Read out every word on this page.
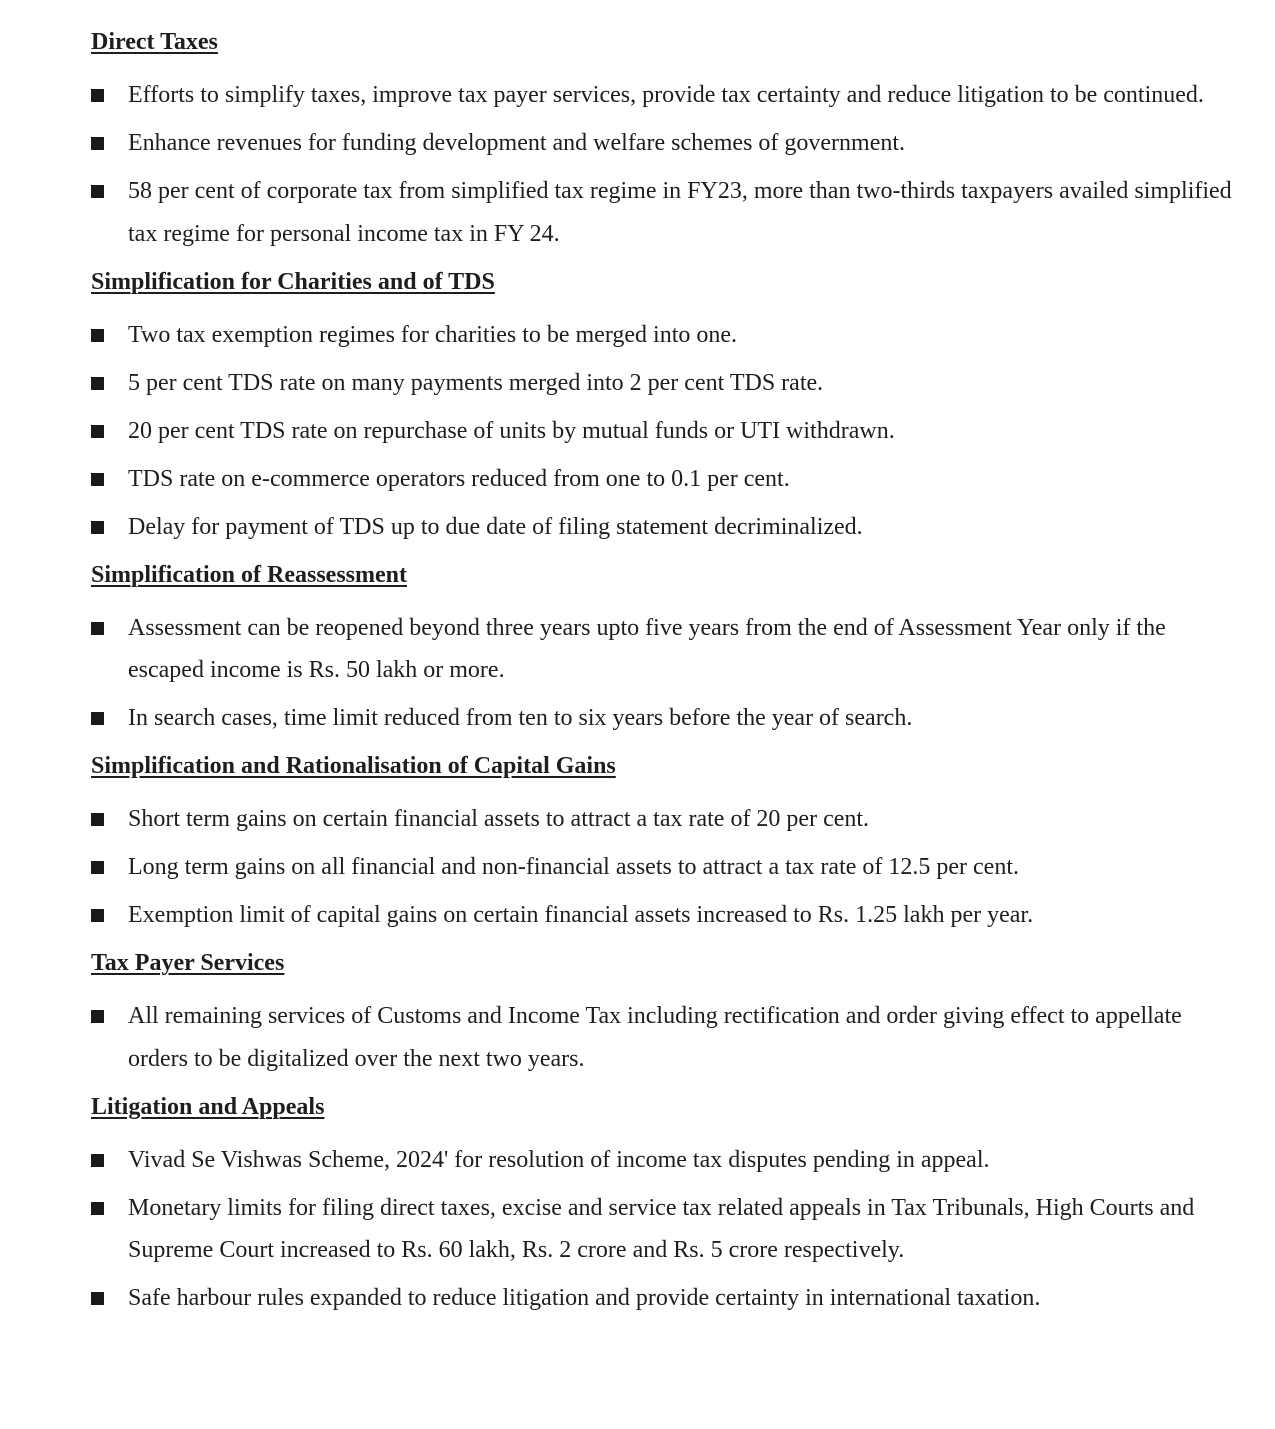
Direct Taxes
Efforts to simplify taxes, improve tax payer services, provide tax certainty and reduce litigation to be continued.
Enhance revenues for funding development and welfare schemes of government.
58 per cent of corporate tax from simplified tax regime in FY23, more than two-thirds taxpayers availed simplified tax regime for personal income tax in FY 24.
Simplification for Charities and of TDS
Two tax exemption regimes for charities to be merged into one.
5 per cent TDS rate on many payments merged into 2 per cent TDS rate.
20 per cent TDS rate on repurchase of units by mutual funds or UTI withdrawn.
TDS rate on e-commerce operators reduced from one to 0.1 per cent.
Delay for payment of TDS up to due date of filing statement decriminalized.
Simplification of Reassessment
Assessment can be reopened beyond three years upto five years from the end of Assessment Year only if the escaped income is Rs. 50 lakh or more.
In search cases, time limit reduced from ten to six years before the year of search.
Simplification and Rationalisation of Capital Gains
Short term gains on certain financial assets to attract a tax rate of 20 per cent.
Long term gains on all financial and non-financial assets to attract a tax rate of 12.5 per cent.
Exemption limit of capital gains on certain financial assets increased to Rs. 1.25 lakh per year.
Tax Payer Services
All remaining services of Customs and Income Tax including rectification and order giving effect to appellate orders to be digitalized over the next two years.
Litigation and Appeals
Vivad Se Vishwas Scheme, 2024' for resolution of income tax disputes pending in appeal.
Monetary limits for filing direct taxes, excise and service tax related appeals in Tax Tribunals, High Courts and Supreme Court increased to Rs. 60 lakh, Rs. 2 crore and Rs. 5 crore respectively.
Safe harbour rules expanded to reduce litigation and provide certainty in international taxation.
